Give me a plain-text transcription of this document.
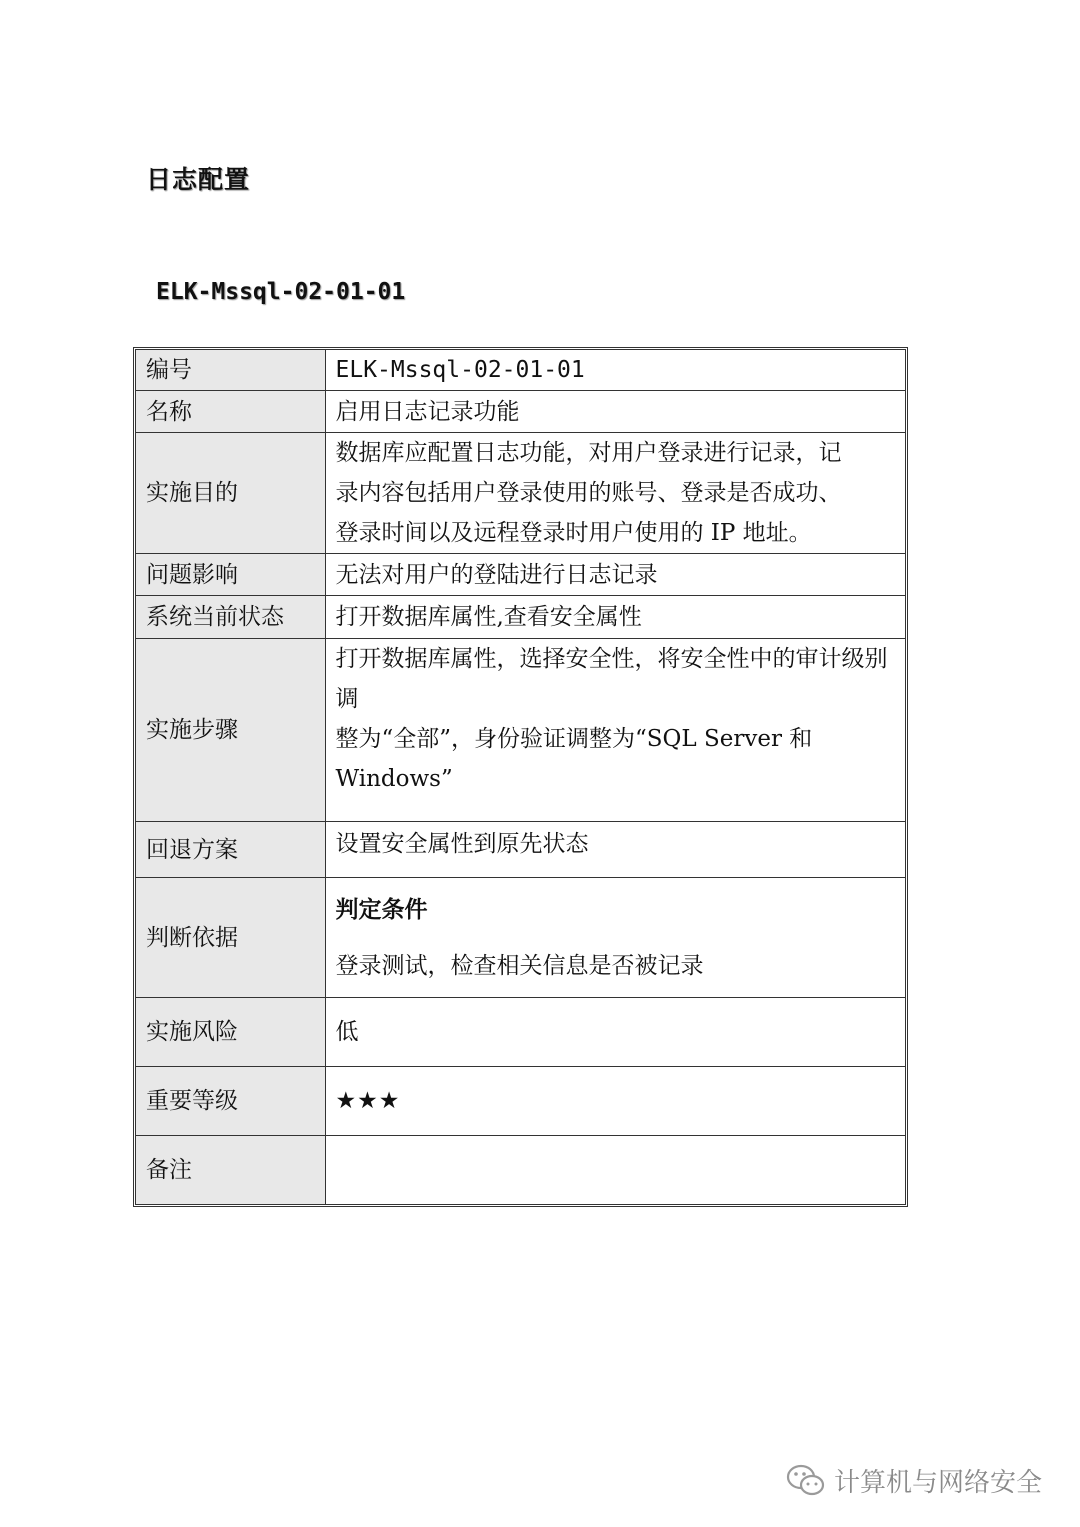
日志配置
ELK-Mssql-02-01-01
编号	ELK-Mssql-02-01-01
名称	启用日志记录功能
实施目的	数据库应配置日志功能，对用户登录进行记录，记
录内容包括用户登录使用的账号、登录是否成功、
登录时间以及远程登录时用户使用的 IP 地址。

问题影响	无法对用户的登陆进行日志记录
系统当前状态	打开数据库属性,查看安全属性
实施步骤	打开数据库属性，选择安全性，将安全性中的审计级别调
整为“全部”，身份验证调整为“SQL Server 和 Windows”

回退方案	设置安全属性到原先状态
判断依据	判定条件
登录测试，检查相关信息是否被记录

实施风险	低
重要等级	★★★
备注	
计算机与网络安全
